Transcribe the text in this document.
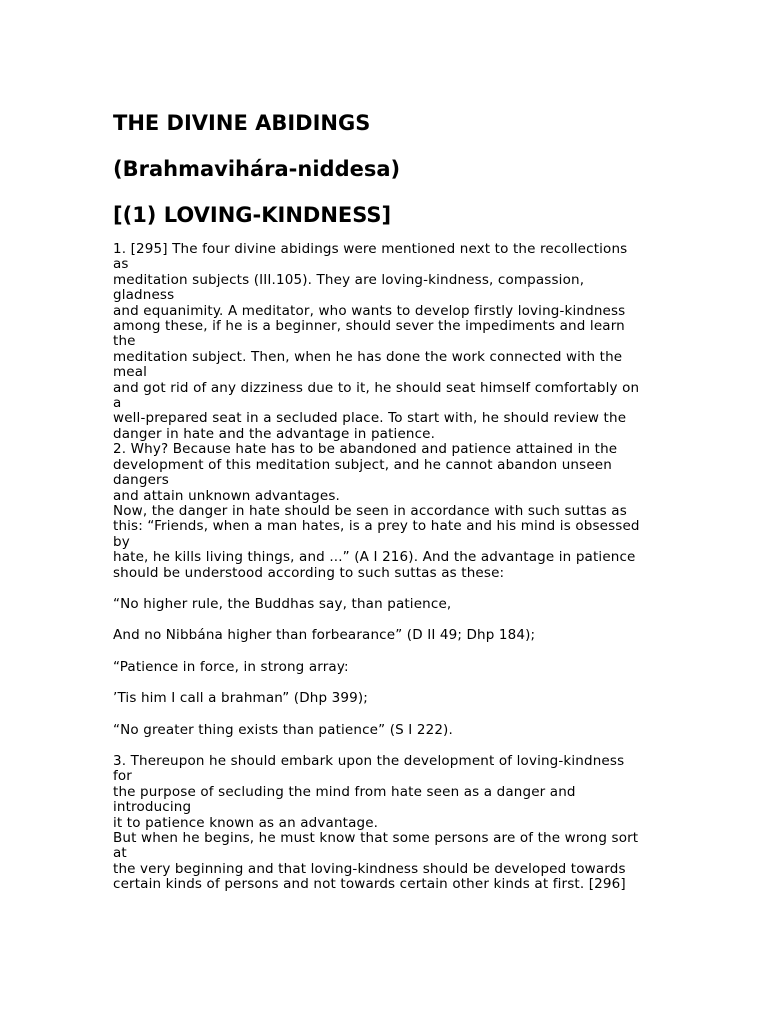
THE DIVINE ABIDINGS
(Brahmavihára-niddesa)
[(1) LOVING-KINDNESS]
1. [295] The four divine abidings were mentioned next to the recollections
as
meditation subjects (III.105). They are loving-kindness, compassion,
gladness
and equanimity. A meditator, who wants to develop firstly loving-kindness
among these, if he is a beginner, should sever the impediments and learn
the
meditation subject. Then, when he has done the work connected with the
meal
and got rid of any dizziness due to it, he should seat himself comfortably on
a
well-prepared seat in a secluded place. To start with, he should review the
danger in hate and the advantage in patience.
2. Why? Because hate has to be abandoned and patience attained in the
development of this meditation subject, and he cannot abandon unseen
dangers
and attain unknown advantages.
Now, the danger in hate should be seen in accordance with such suttas as
this: “Friends, when a man hates, is a prey to hate and his mind is obsessed
by
hate, he kills living things, and ...” (A I 216). And the advantage in patience
should be understood according to such suttas as these:
“No higher rule, the Buddhas say, than patience,
And no Nibbána higher than forbearance” (D II 49; Dhp 184);
“Patience in force, in strong array:
’Tis him I call a brahman” (Dhp 399);
“No greater thing exists than patience” (S I 222).
3. Thereupon he should embark upon the development of loving-kindness
for
the purpose of secluding the mind from hate seen as a danger and
introducing
it to patience known as an advantage.
But when he begins, he must know that some persons are of the wrong sort
at
the very beginning and that loving-kindness should be developed towards
certain kinds of persons and not towards certain other kinds at first. [296]
